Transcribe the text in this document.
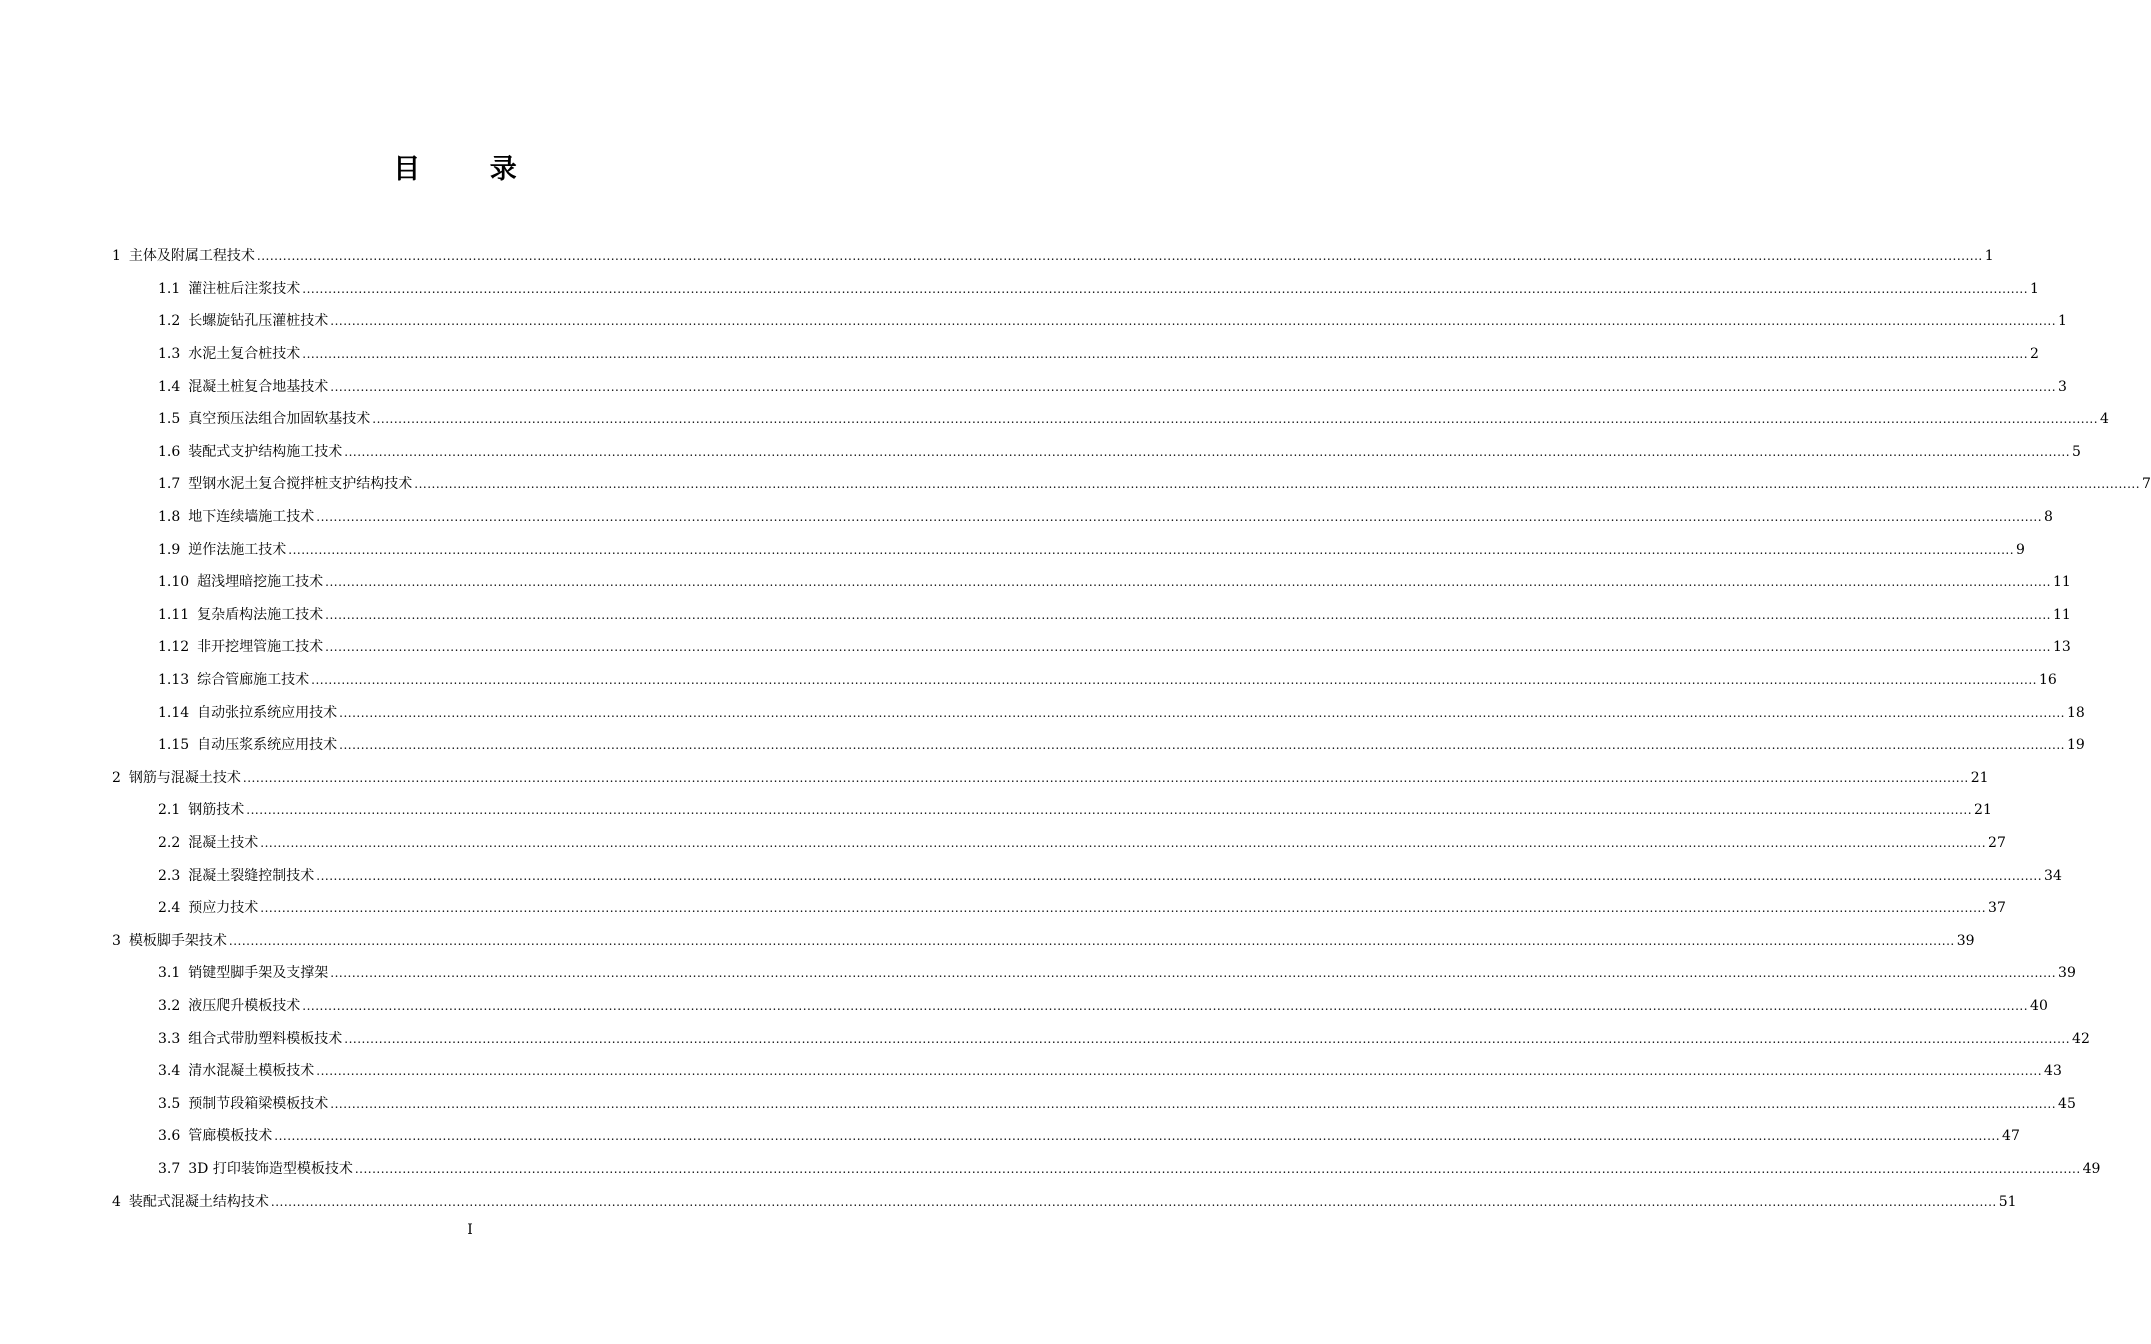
目 录
1 主体及附属工程技术 ................................................................................................................................................................................................................................................................................................................................................................................................................ 1
1.1 灌注桩后注浆技术 ................................................................................................................................................................................................................................................................................................................................................................................................................ 1
1.2 长螺旋钻孔压灌桩技术 ................................................................................................................................................................................................................................................................................................................................................................................................................ 1
1.3 水泥土复合桩技术 ................................................................................................................................................................................................................................................................................................................................................................................................................ 2
1.4 混凝土桩复合地基技术 ................................................................................................................................................................................................................................................................................................................................................................................................................ 3
1.5 真空预压法组合加固软基技术 ................................................................................................................................................................................................................................................................................................................................................................................................................ 4
1.6 装配式支护结构施工技术 ................................................................................................................................................................................................................................................................................................................................................................................................................ 5
1.7 型钢水泥土复合搅拌桩支护结构技术 ................................................................................................................................................................................................................................................................................................................................................................................................................ 7
1.8 地下连续墙施工技术 ................................................................................................................................................................................................................................................................................................................................................................................................................ 8
1.9 逆作法施工技术 ................................................................................................................................................................................................................................................................................................................................................................................................................ 9
1.10 超浅埋暗挖施工技术 ................................................................................................................................................................................................................................................................................................................................................................................................................ 11
1.11 复杂盾构法施工技术 ................................................................................................................................................................................................................................................................................................................................................................................................................ 11
1.12 非开挖埋管施工技术 ................................................................................................................................................................................................................................................................................................................................................................................................................ 13
1.13 综合管廊施工技术 ................................................................................................................................................................................................................................................................................................................................................................................................................ 16
1.14 自动张拉系统应用技术 ................................................................................................................................................................................................................................................................................................................................................................................................................ 18
1.15 自动压浆系统应用技术 ................................................................................................................................................................................................................................................................................................................................................................................................................ 19
2 钢筋与混凝土技术 ................................................................................................................................................................................................................................................................................................................................................................................................................ 21
2.1 钢筋技术 ................................................................................................................................................................................................................................................................................................................................................................................................................ 21
2.2 混凝土技术 ................................................................................................................................................................................................................................................................................................................................................................................................................ 27
2.3 混凝土裂缝控制技术 ................................................................................................................................................................................................................................................................................................................................................................................................................ 34
2.4 预应力技术 ................................................................................................................................................................................................................................................................................................................................................................................................................ 37
3 模板脚手架技术 ................................................................................................................................................................................................................................................................................................................................................................................................................ 39
3.1 销键型脚手架及支撑架 ................................................................................................................................................................................................................................................................................................................................................................................................................ 39
3.2 液压爬升模板技术 ................................................................................................................................................................................................................................................................................................................................................................................................................ 40
3.3 组合式带肋塑料模板技术 ................................................................................................................................................................................................................................................................................................................................................................................................................ 42
3.4 清水混凝土模板技术 ................................................................................................................................................................................................................................................................................................................................................................................................................ 43
3.5 预制节段箱梁模板技术 ................................................................................................................................................................................................................................................................................................................................................................................................................ 45
3.6 管廊模板技术 ................................................................................................................................................................................................................................................................................................................................................................................................................ 47
3.7 3D 打印装饰造型模板技术 ................................................................................................................................................................................................................................................................................................................................................................................................................ 49
4 装配式混凝土结构技术 ................................................................................................................................................................................................................................................................................................................................................................................................................ 51
I
